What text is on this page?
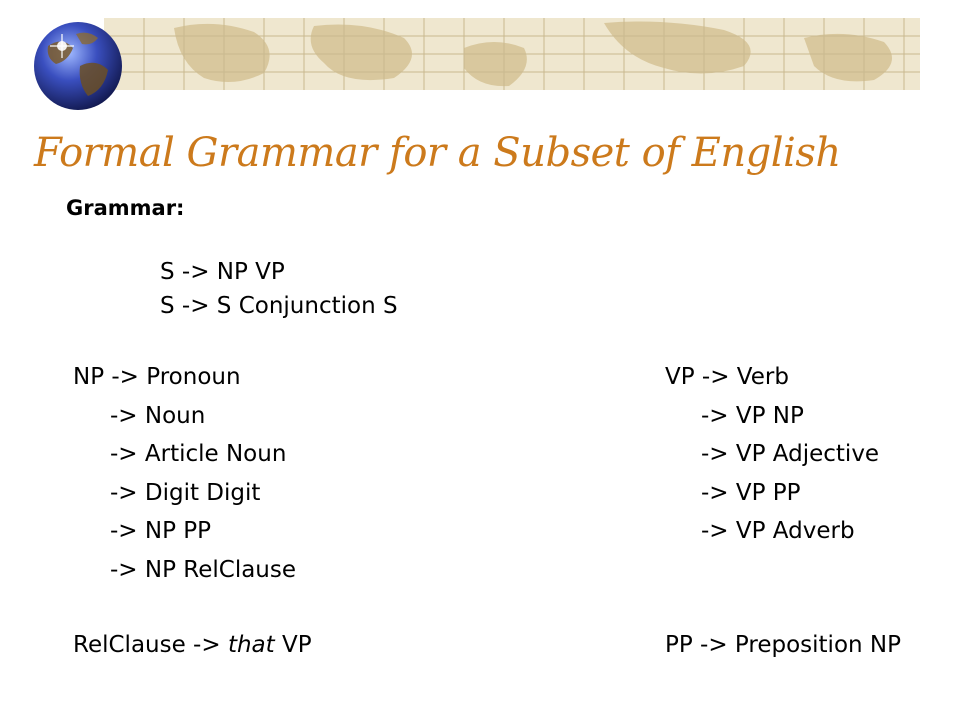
Formal Grammar for a Subset of English
Grammar:
S -> NP VP
S -> S Conjunction S
NP -> Pronoun
-> Noun
-> Article Noun
-> Digit Digit
-> NP PP
-> NP RelClause
VP -> Verb
-> VP NP
-> VP Adjective
-> VP PP
-> VP Adverb
RelClause -> that VP	PP -> Preposition NP
